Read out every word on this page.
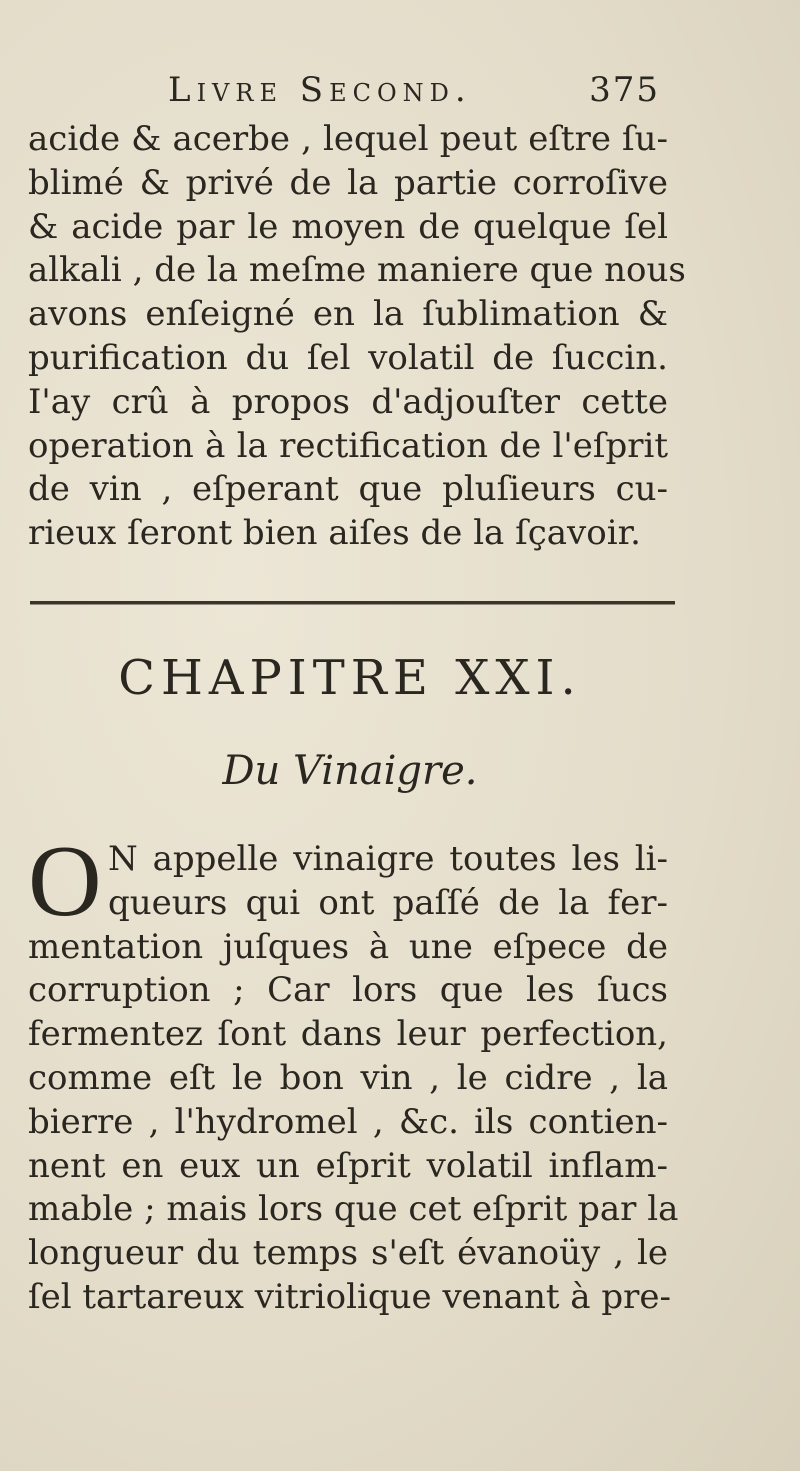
Livre Second.	375
acide & acerbe , lequel peut eſtre ſu-
blimé & privé de la partie corroſive
& acide par le moyen de quelque ſel
alkali , de la meſme maniere que nous
avons enſeigné en la ſublimation &
purification du ſel volatil de ſuccin.
I'ay crû à propos d'adjouſter cette
operation à la rectification de l'eſprit
de vin , eſperant que pluſieurs cu-
rieux ſeront bien aiſes de la ſçavoir.
CHAPITRE XXI.
Du Vinaigre.
O N appelle vinaigre toutes les li-
queurs qui ont paſſé de la fer-
mentation juſques à une eſpece de
corruption ; Car lors que les ſucs
fermentez ſont dans leur perfection,
comme eſt le bon vin , le cidre , la
bierre , l'hydromel , &c. ils contien-
nent en eux un eſprit volatil inflam-
mable ; mais lors que cet eſprit par la
longueur du temps s'eſt évanoüy , le
ſel tartareux vitriolique venant à pre-
